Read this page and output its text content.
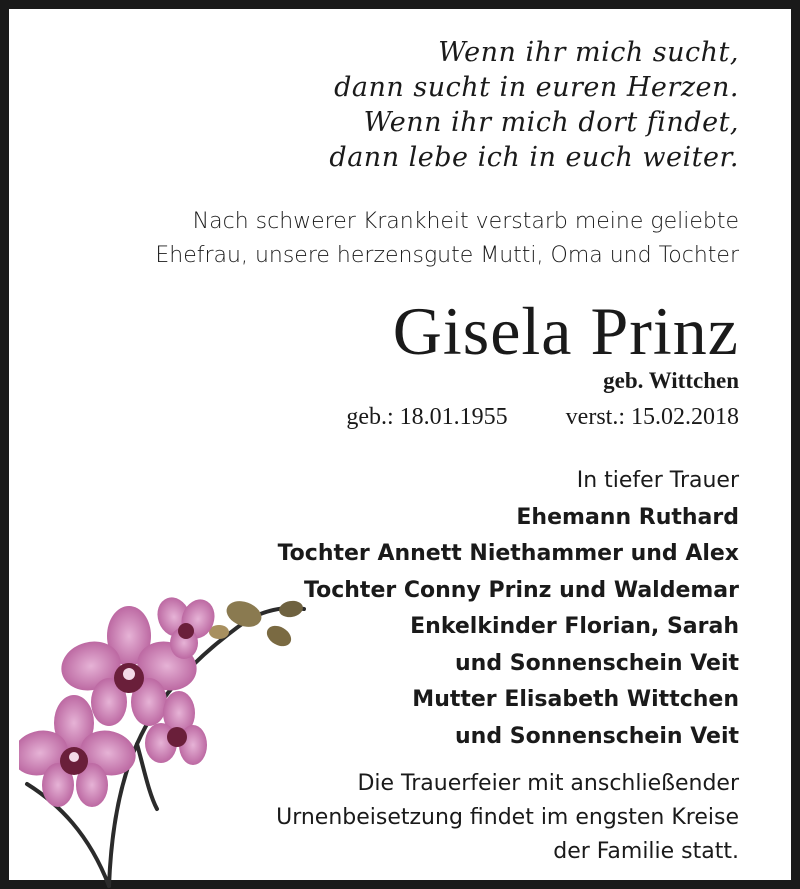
Wenn ihr mich sucht,
dann sucht in euren Herzen.
Wenn ihr mich dort findet,
dann lebe ich in euch weiter.
Nach schwerer Krankheit verstarb meine geliebte
Ehefrau, unsere herzensgute Mutti, Oma und Tochter
Gisela Prinz
geb. Wittchen
geb.: 18.01.1955 verst.: 15.02.2018
In tiefer Trauer
Ehemann Ruthard
Tochter Annett Niethammer und Alex
Tochter Conny Prinz und Waldemar
Enkelkinder Florian, Sarah
und Sonnenschein Veit
Mutter Elisabeth Wittchen
und Sonnenschein Veit
Die Trauerfeier mit anschließender
Urnenbeisetzung findet im engsten Kreise
der Familie statt.
